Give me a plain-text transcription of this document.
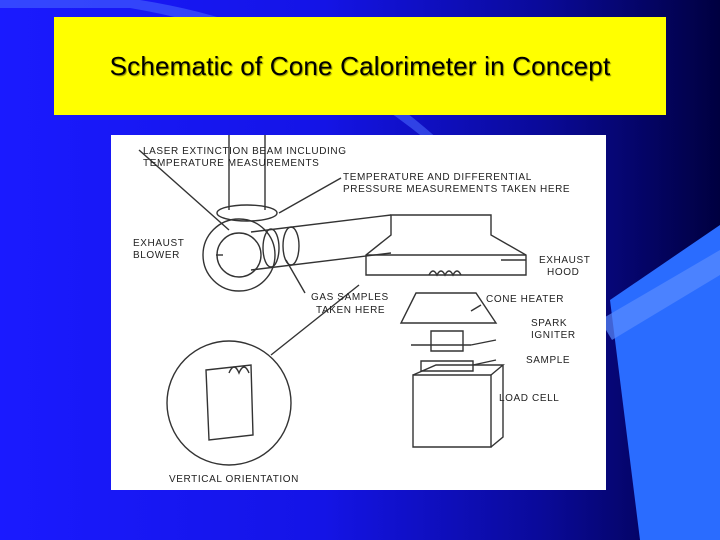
Schematic of Cone Calorimeter in Concept
LASER EXTINCTION BEAM INCLUDING
TEMPERATURE MEASUREMENTS
TEMPERATURE AND DIFFERENTIAL
PRESSURE MEASUREMENTS TAKEN HERE
EXHAUST
BLOWER	EXHAUST
HOOD
GAS SAMPLES
TAKEN HERE
CONE HEATER
SPARK
IGNITER
SAMPLE
LOAD CELL
VERTICAL ORIENTATION
